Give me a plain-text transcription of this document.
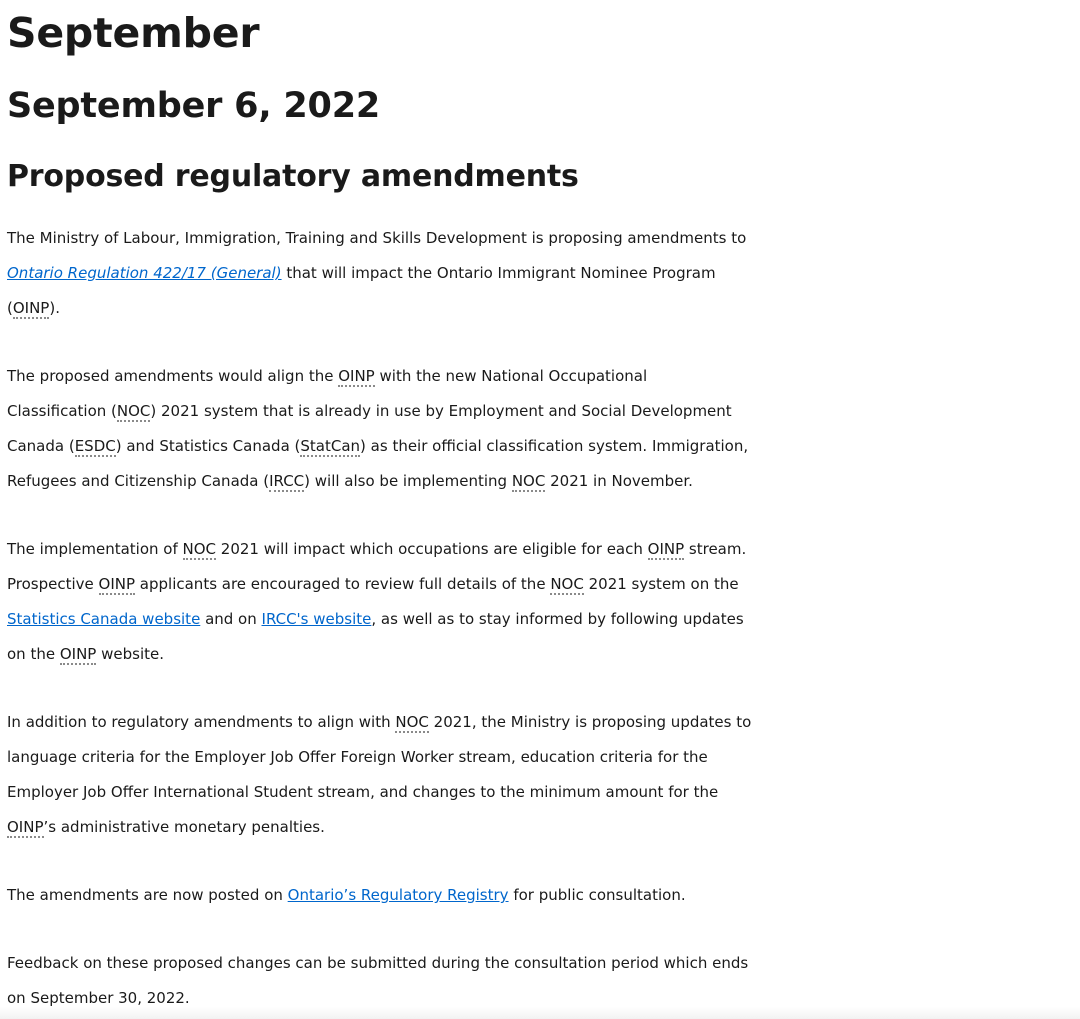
September
September 6, 2022
Proposed regulatory amendments

The Ministry of Labour, Immigration, Training and Skills Development is proposing amendments to
Ontario Regulation 422/17 (General) that will impact the Ontario Immigrant Nominee Program
(OINP).

The proposed amendments would align the OINP with the new National Occupational
Classification (NOC) 2021 system that is already in use by Employment and Social Development
Canada (ESDC) and Statistics Canada (StatCan) as their official classification system. Immigration,
Refugees and Citizenship Canada (IRCC) will also be implementing NOC 2021 in November.

The implementation of NOC 2021 will impact which occupations are eligible for each OINP stream.
Prospective OINP applicants are encouraged to review full details of the NOC 2021 system on the
Statistics Canada website and on IRCC's website, as well as to stay informed by following updates
on the OINP website.

In addition to regulatory amendments to align with NOC 2021, the Ministry is proposing updates to
language criteria for the Employer Job Offer Foreign Worker stream, education criteria for the
Employer Job Offer International Student stream, and changes to the minimum amount for the
OINP’s administrative monetary penalties.

The amendments are now posted on Ontario’s Regulatory Registry for public consultation.

Feedback on these proposed changes can be submitted during the consultation period which ends
on September 30, 2022.
